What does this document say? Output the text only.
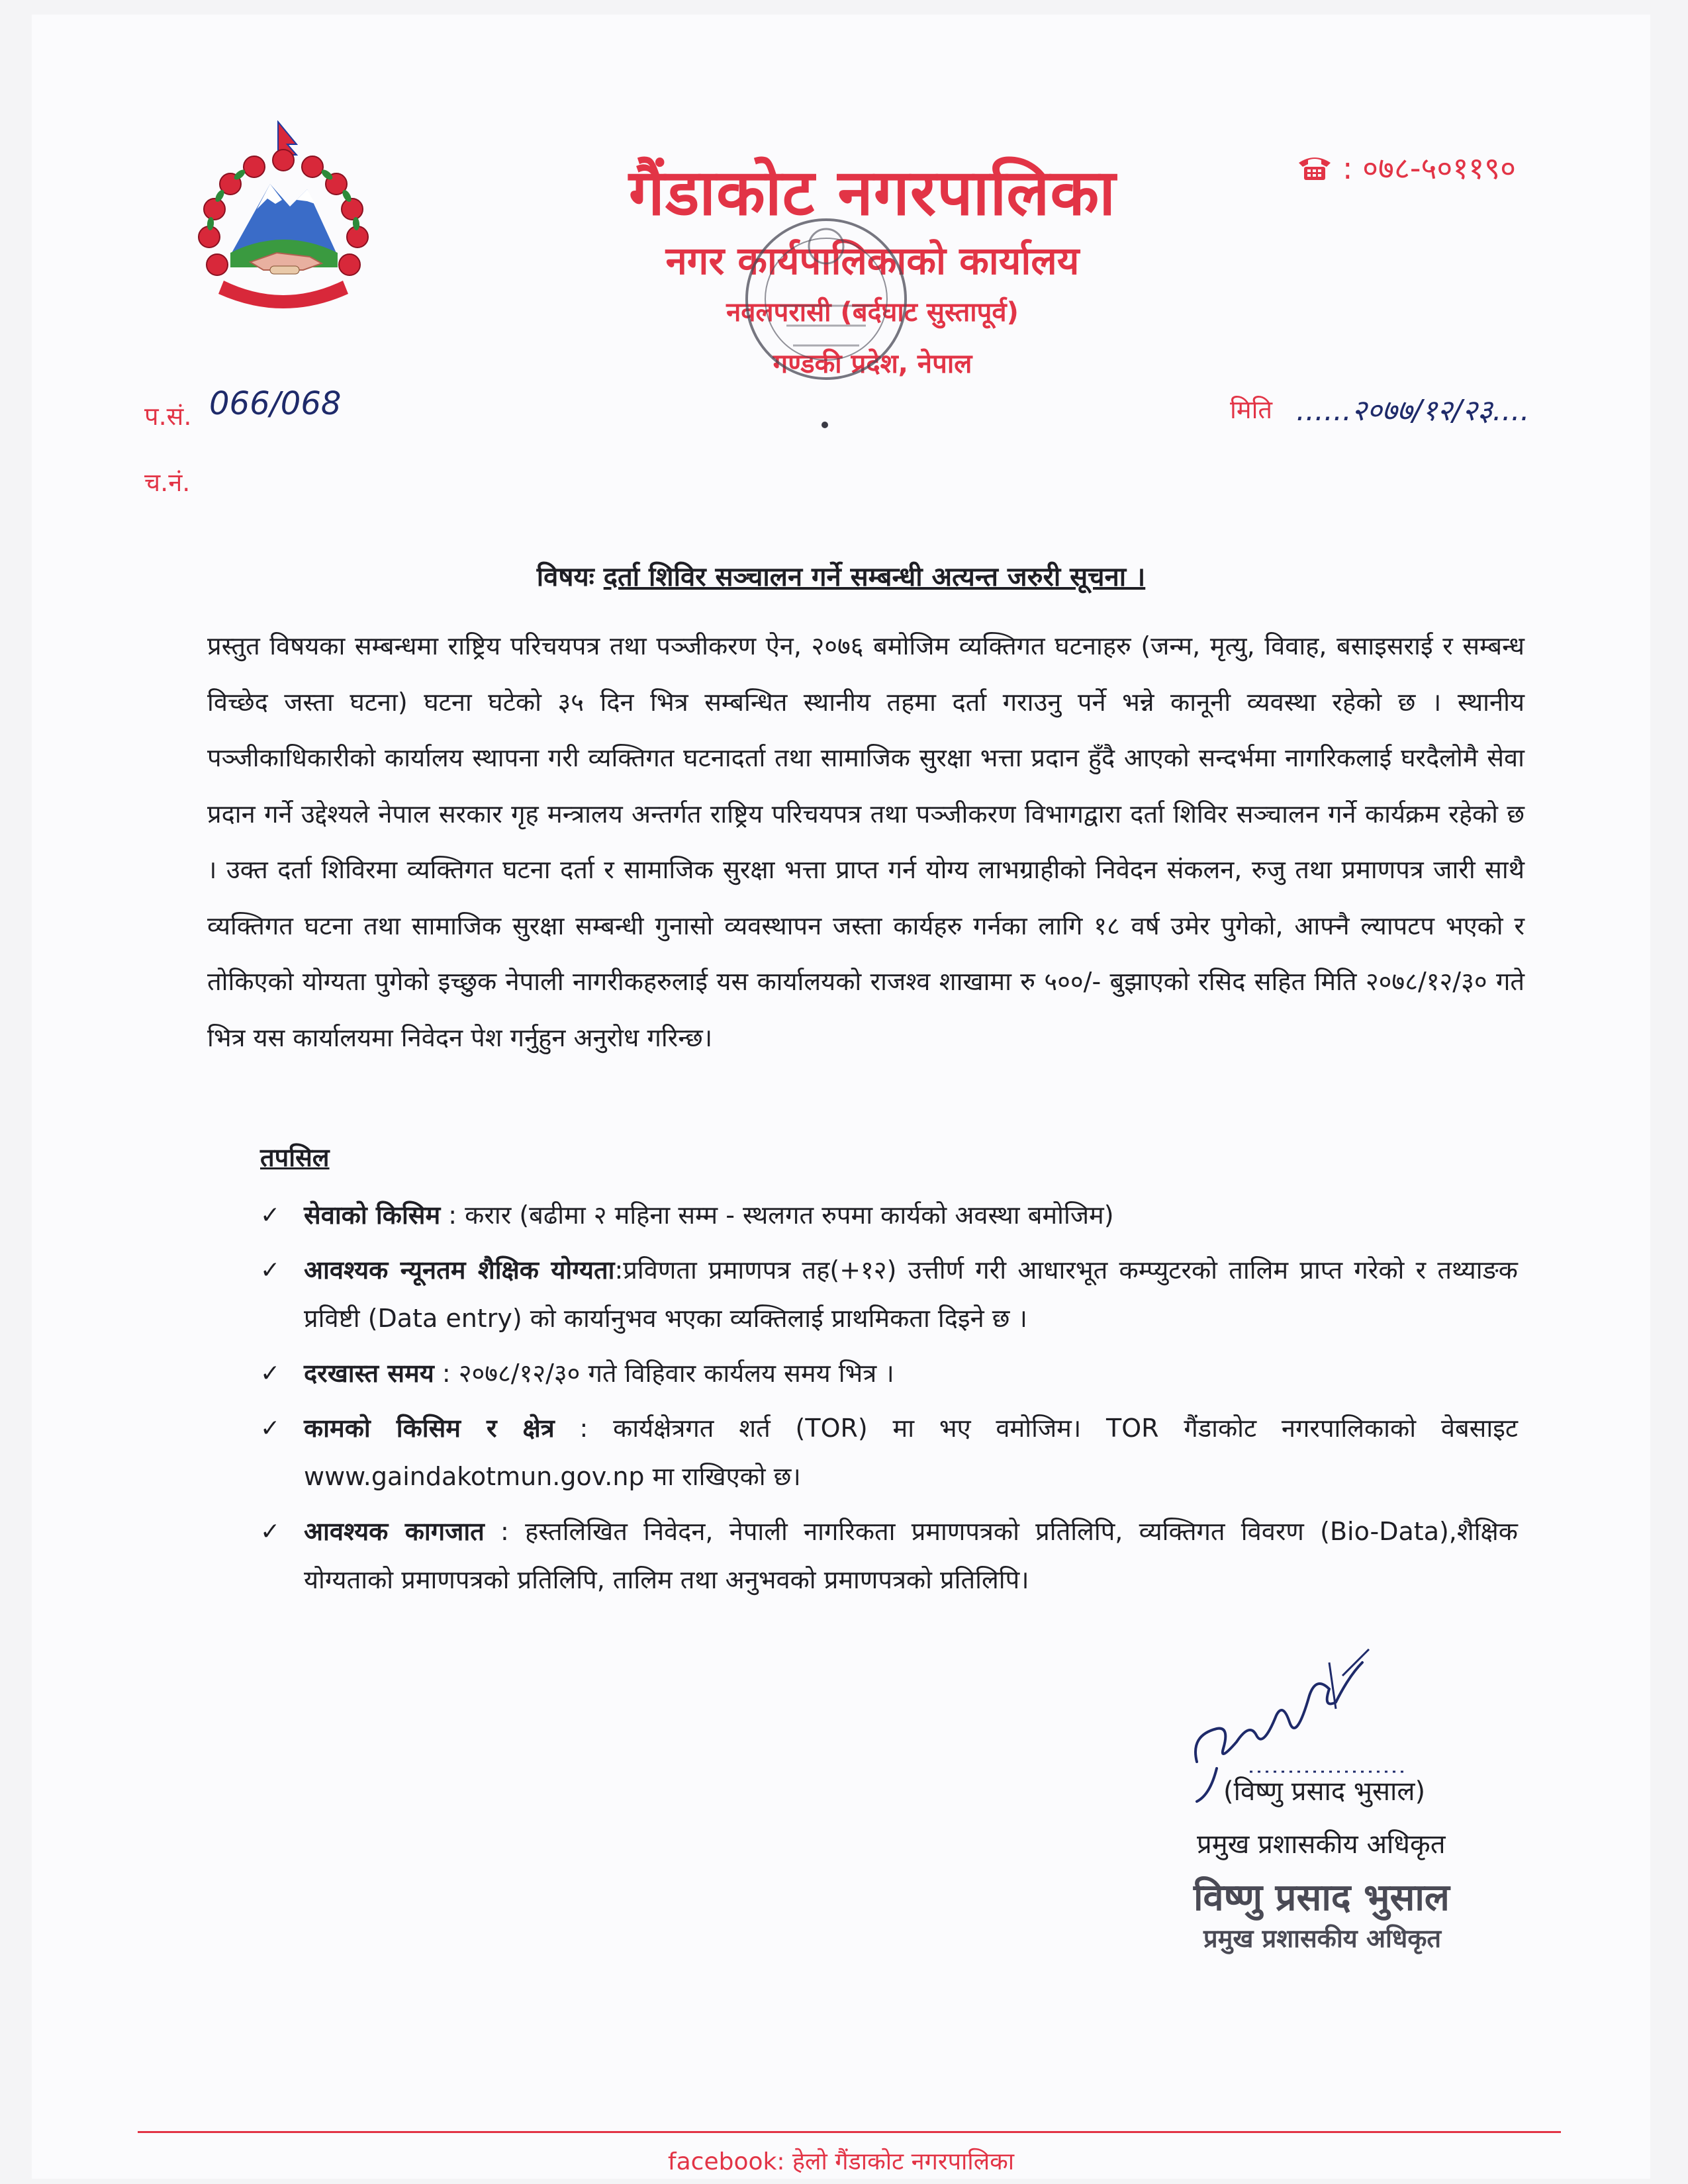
गैंडाकोट नगरपालिका
नगर कार्यपालिकाको कार्यालय
नवलपरासी (बर्दघाट सुस्तापूर्व)
गण्डकी प्रदेश, नेपाल
: ०७८-५०११९०
प.सं. 066/068
च.नं.
मिति ......२०७७/१२/२३....
विषयः दर्ता शिविर सञ्चालन गर्ने सम्बन्धी अत्यन्त जरुरी सूचना ।
प्रस्तुत विषयका सम्बन्धमा राष्ट्रिय परिचयपत्र तथा पञ्जीकरण ऐन, २०७६ बमोजिम व्यक्तिगत घटनाहरु (जन्म, मृत्यु, विवाह, बसाइसराई र सम्बन्ध विच्छेद जस्ता घटना) घटना घटेको ३५ दिन भित्र सम्बन्धित स्थानीय तहमा दर्ता गराउनु पर्ने भन्ने कानूनी व्यवस्था रहेको छ । स्थानीय पञ्जीकाधिकारीको कार्यालय स्थापना गरी व्यक्तिगत घटनादर्ता तथा सामाजिक सुरक्षा भत्ता प्रदान हुँदै आएको सन्दर्भमा नागरिकलाई घरदैलोमै सेवा प्रदान गर्ने उद्देश्यले नेपाल सरकार गृह मन्त्रालय अन्तर्गत राष्ट्रिय परिचयपत्र तथा पञ्जीकरण विभागद्वारा दर्ता शिविर सञ्चालन गर्ने कार्यक्रम रहेको छ । उक्त दर्ता शिविरमा व्यक्तिगत घटना दर्ता र सामाजिक सुरक्षा भत्ता प्राप्त गर्न योग्य लाभग्राहीको निवेदन संकलन, रुजु तथा प्रमाणपत्र जारी साथै व्यक्तिगत घटना तथा सामाजिक सुरक्षा सम्बन्धी गुनासो व्यवस्थापन जस्ता कार्यहरु गर्नका लागि १८ वर्ष उमेर पुगेको, आफ्नै ल्यापटप भएको र तोकिएको योग्यता पुगेको इच्छुक नेपाली नागरीकहरुलाई यस कार्यालयको राजश्व शाखामा रु ५००/- बुझाएको रसिद सहित मिति २०७८/१२/३० गते भित्र यस कार्यालयमा निवेदन पेश गर्नुहुन अनुरोध गरिन्छ।
तपसिल
✓ सेवाको किसिम : करार (बढीमा २ महिना सम्म - स्थलगत रुपमा कार्यको अवस्था बमोजिम)
✓ आवश्यक न्यूनतम शैक्षिक योग्यता:प्रविणता प्रमाणपत्र तह(+१२) उत्तीर्ण गरी आधारभूत कम्प्युटरको तालिम प्राप्त गरेको र तथ्याङक प्रविष्टी (Data entry) को कार्यानुभव भएका व्यक्तिलाई प्राथमिकता दिइने छ ।
✓ दरखास्त समय : २०७८/१२/३० गते विहिवार कार्यलय समय भित्र ।
✓ कामको किसिम र क्षेत्र : कार्यक्षेत्रगत शर्त (TOR) मा भए वमोजिम। TOR गैंडाकोट नगरपालिकाको वेबसाइट www.gaindakotmun.gov.np मा राखिएको छ।
✓ आवश्यक कागजात : हस्तलिखित निवेदन, नेपाली नागरिकता प्रमाणपत्रको प्रतिलिपि, व्यक्तिगत विवरण (Bio-Data),शैक्षिक योग्यताको प्रमाणपत्रको प्रतिलिपि, तालिम तथा अनुभवको प्रमाणपत्रको प्रतिलिपि।
(विष्णु प्रसाद भुसाल)
प्रमुख प्रशासकीय अधिकृत
विष्णु प्रसाद भुसाल
प्रमुख प्रशासकीय अधिकृत
facebook: हेलो गैंडाकोट नगरपालिका
